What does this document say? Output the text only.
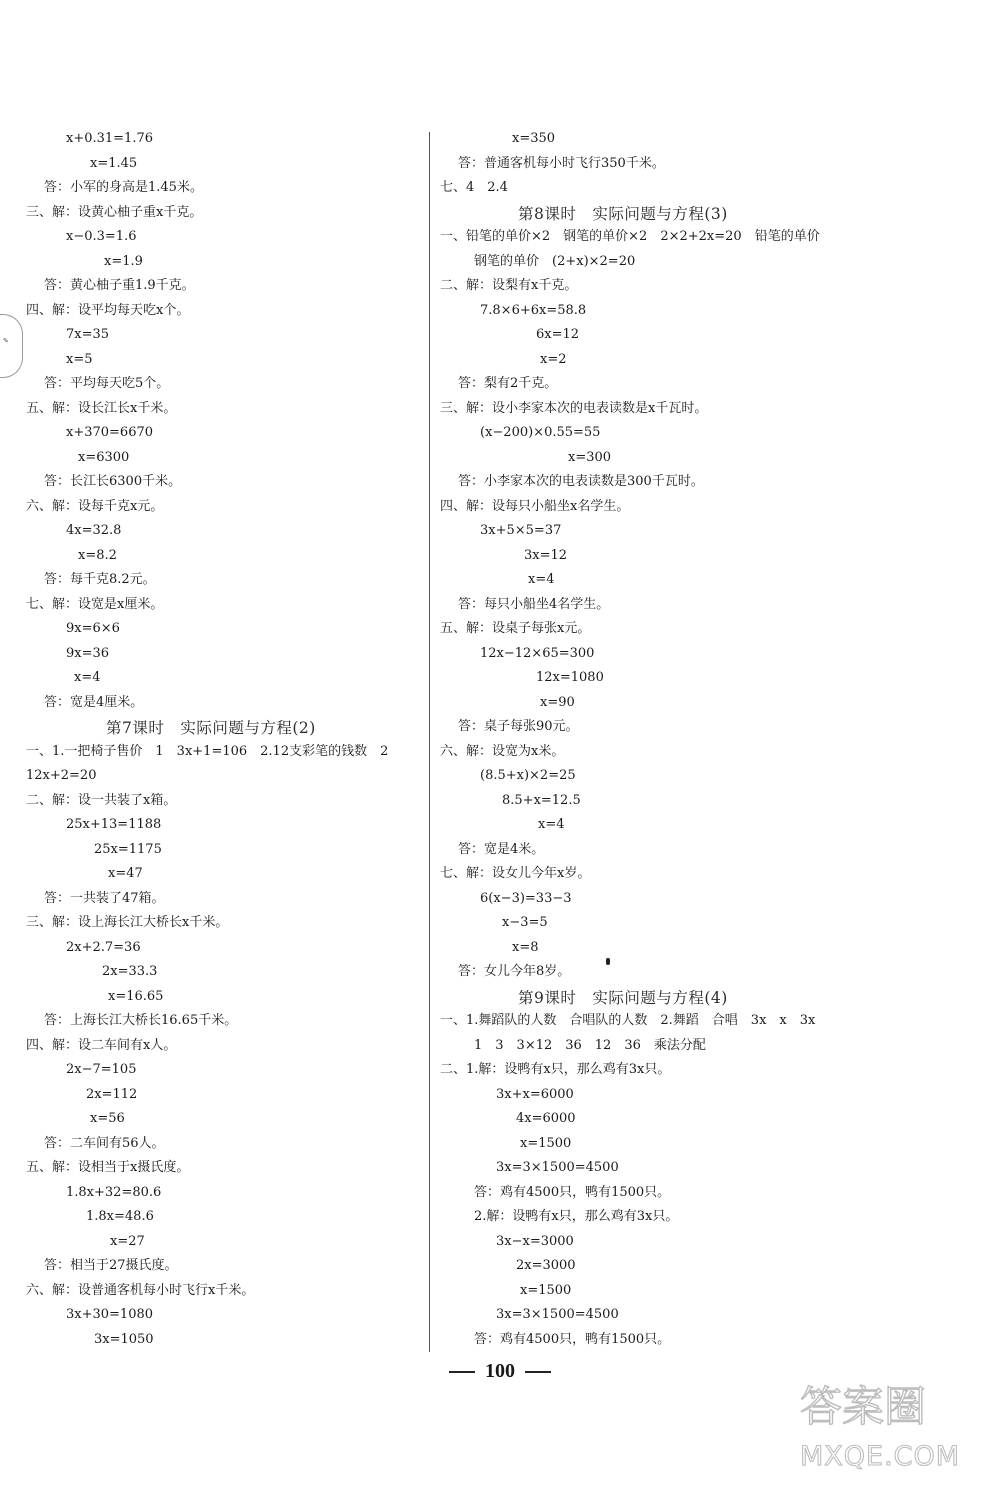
✎
x+0.31=1.76
x=1.45
答：小军的身高是1.45米。
三、解：设黄心柚子重x千克。
x−0.3=1.6
x=1.9
答：黄心柚子重1.9千克。
四、解：设平均每天吃x个。
7x=35
x=5
答：平均每天吃5个。
五、解：设长江长x千米。
x+370=6670
x=6300
答：长江长6300千米。
六、解：设每千克x元。
4x=32.8
x=8.2
答：每千克8.2元。
七、解：设宽是x厘米。
9x=6×6
9x=36
x=4
答：宽是4厘米。
第7课时　实际问题与方程(2)
一、1.一把椅子售价　1　3x+1=106　2.12支彩笔的钱数　2
12x+2=20
二、解：设一共装了x箱。
25x+13=1188
25x=1175
x=47
答：一共装了47箱。
三、解：设上海长江大桥长x千米。
2x+2.7=36
2x=33.3
x=16.65
答：上海长江大桥长16.65千米。
四、解：设二车间有x人。
2x−7=105
2x=112
x=56
答：二车间有56人。
五、解：设相当于x摄氏度。
1.8x+32=80.6
1.8x=48.6
x=27
答：相当于27摄氏度。
六、解：设普通客机每小时飞行x千米。
3x+30=1080
3x=1050
x=350
答：普通客机每小时飞行350千米。
七、4　2.4
第8课时　实际问题与方程(3)
一、铅笔的单价×2　钢笔的单价×2　2×2+2x=20　铅笔的单价
钢笔的单价　(2+x)×2=20
二、解：设梨有x千克。
7.8×6+6x=58.8
6x=12
x=2
答：梨有2千克。
三、解：设小李家本次的电表读数是x千瓦时。
(x−200)×0.55=55
x=300
答：小李家本次的电表读数是300千瓦时。
四、解：设每只小船坐x名学生。
3x+5×5=37
3x=12
x=4
答：每只小船坐4名学生。
五、解：设桌子每张x元。
12x−12×65=300
12x=1080
x=90
答：桌子每张90元。
六、解：设宽为x米。
(8.5+x)×2=25
8.5+x=12.5
x=4
答：宽是4米。
七、解：设女儿今年x岁。
6(x−3)=33−3
x−3=5
x=8
答：女儿今年8岁。
第9课时　实际问题与方程(4)
一、1.舞蹈队的人数　合唱队的人数　2.舞蹈　合唱　3x　x　3x
1　3　3×12　36　12　36　乘法分配
二、1.解：设鸭有x只，那么鸡有3x只。
3x+x=6000
4x=6000
x=1500
3x=3×1500=4500
答：鸡有4500只，鸭有1500只。
2.解：设鸭有x只，那么鸡有3x只。
3x−x=3000
2x=3000
x=1500
3x=3×1500=4500
答：鸡有4500只，鸭有1500只。
100
答案圈
MXQE.COM
